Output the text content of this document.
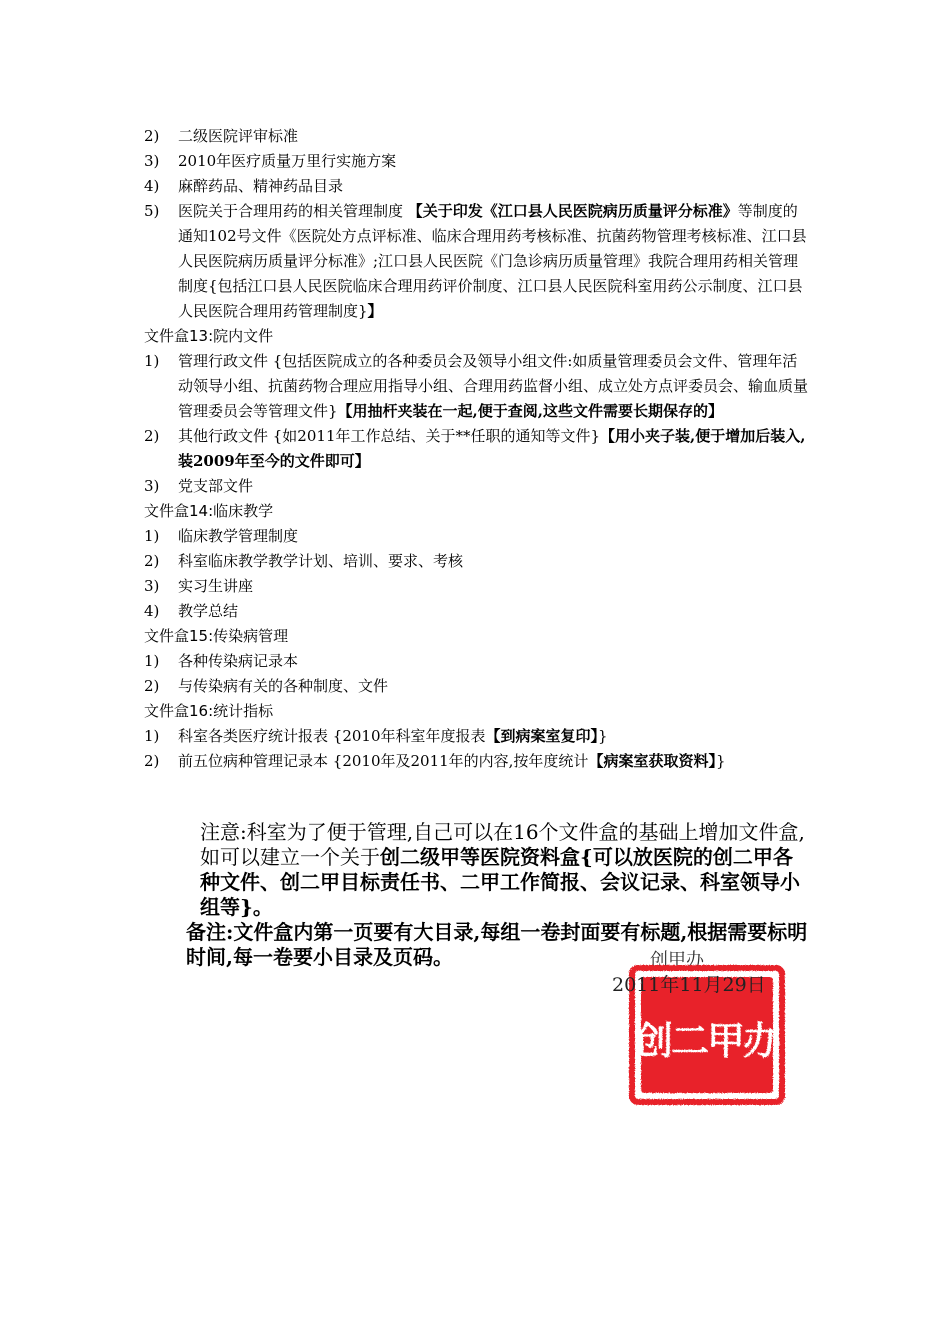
2)	二级医院评审标准
3)	2010年医疗质量万里行实施方案
4)	麻醉药品、精神药品目录
5)	医院关于合理用药的相关管理制度 【关于印发《江口县人民医院病历质量评分标准》等制度的通知102号文件《医院处方点评标准、临床合理用药考核标准、抗菌药物管理考核标准、江口县人民医院病历质量评分标准》;江口县人民医院《门急诊病历质量管理》我院合理用药相关管理制度{包括江口县人民医院临床合理用药评价制度、江口县人民医院科室用药公示制度、江口县人民医院合理用药管理制度}】
文件盒13:院内文件
1)	管理行政文件 {包括医院成立的各种委员会及领导小组文件:如质量管理委员会文件、管理年活动领导小组、抗菌药物合理应用指导小组、合理用药监督小组、成立处方点评委员会、输血质量管理委员会等管理文件}【用抽杆夹装在一起,便于查阅,这些文件需要长期保存的】
2)	其他行政文件 {如2011年工作总结、关于**任职的通知等文件}【用小夹子装,便于增加后装入,装2009年至今的文件即可】
3)	党支部文件
文件盒14:临床教学
1)	临床教学管理制度
2)	科室临床教学教学计划、培训、要求、考核
3)	实习生讲座
4)	教学总结
文件盒15:传染病管理
1)	各种传染病记录本
2)	与传染病有关的各种制度、文件
文件盒16:统计指标
1)	科室各类医疗统计报表 {2010年科室年度报表【到病案室复印】}
2)	前五位病种管理记录本 {2010年及2011年的内容,按年度统计【病案室获取资料】}

注意:科室为了便于管理,自己可以在16个文件盒的基础上增加文件盒,如可以建立一个关于创二级甲等医院资料盒{可以放医院的创二甲各种文件、创二甲目标责任书、二甲工作简报、会议记录、科室领导小组等}。

备注:文件盒内第一页要有大目录,每组一卷封面要有标题,根据需要标明时间,每一卷要小目录及页码。	创甲办
创二甲办
2011年11月29日
